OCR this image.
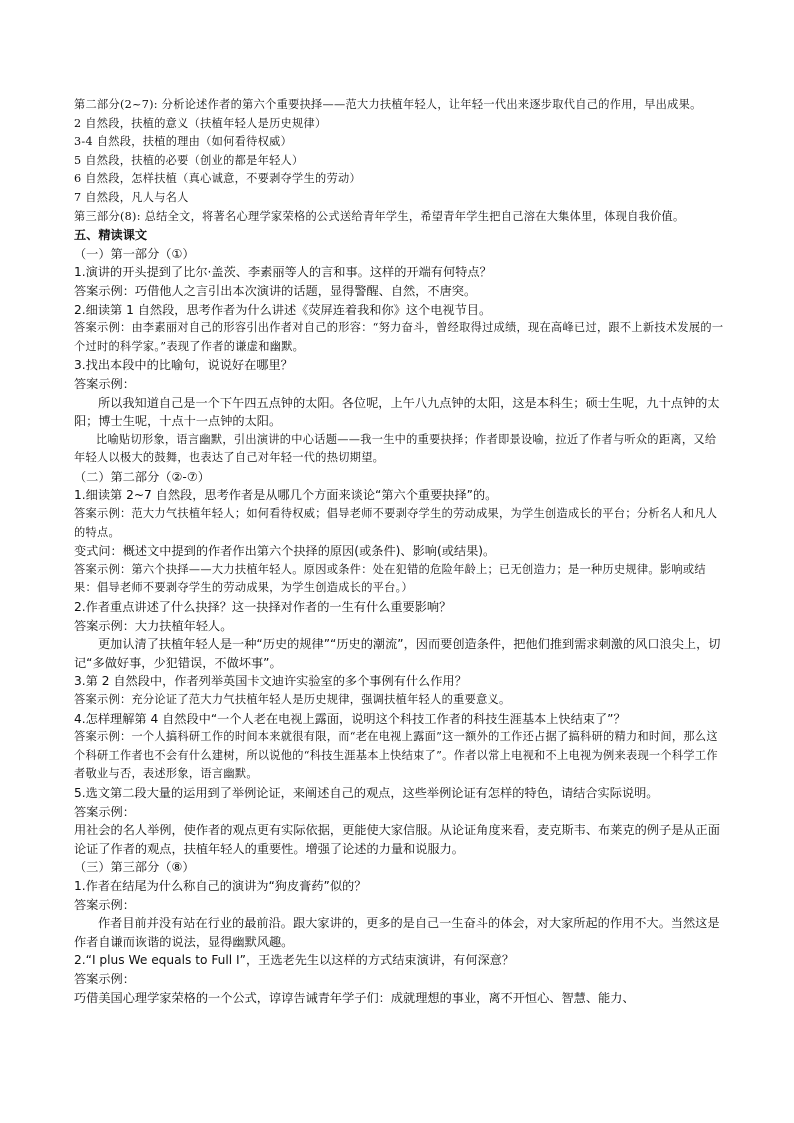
第二部分(2~7): 分析论述作者的第六个重要抉择——范大力扶植年轻人，让年轻一代出来逐步取代自己的作用，早出成果。
2 自然段，扶植的意义（扶植年轻人是历史规律）
3-4 自然段，扶植的理由（如何看待权威）
5 自然段，扶植的必要（创业的都是年轻人）
6 自然段，怎样扶植（真心诚意，不要剥夺学生的劳动）
7 自然段，凡人与名人
第三部分(8): 总结全文，将著名心理学家荣格的公式送给青年学生，希望青年学生把自己溶在大集体里，体现自我价值。
五、精读课文
（一）第一部分（①）
1.演讲的开头提到了比尔·盖茨、李素丽等人的言和事。这样的开端有何特点？
答案示例：巧借他人之言引出本次演讲的话题，显得警醒、自然，不唐突。
2.细读第 1 自然段，思考作者为什么讲述《荧屏连着我和你》这个电视节目。
答案示例：由李素丽对自己的形容引出作者对自己的形容：“努力奋斗，曾经取得过成绩，现在高峰已过，跟不上新技术发展的一个过时的科学家。”表现了作者的谦虚和幽默。
3.找出本段中的比喻句，说说好在哪里？
答案示例：
所以我知道自己是一个下午四五点钟的太阳。各位呢，上午八九点钟的太阳，这是本科生；硕士生呢，九十点钟的太阳；博士生呢，十点十一点钟的太阳。
比喻贴切形象，语言幽默，引出演讲的中心话题——我一生中的重要抉择；作者即景设喻，拉近了作者与听众的距离，又给年轻人以极大的鼓舞，也表达了自己对年轻一代的热切期望。
（二）第二部分（②-⑦）
1.细读第 2~7 自然段，思考作者是从哪几个方面来谈论“第六个重要抉择”的。
答案示例：范大力气扶植年轻人；如何看待权威；倡导老师不要剥夺学生的劳动成果，为学生创造成长的平台；分析名人和凡人的特点。
变式问：概述文中提到的作者作出第六个抉择的原因(或条件)、影响(或结果)。
答案示例：第六个抉择——大力扶植年轻人。原因或条件：处在犯错的危险年龄上；已无创造力；是一种历史规律。影响或结果：倡导老师不要剥夺学生的劳动成果，为学生创造成长的平台。）
2.作者重点讲述了什么抉择？这一抉择对作者的一生有什么重要影响？
答案示例：大力扶植年轻人。
更加认清了扶植年轻人是一种“历史的规律”“历史的潮流”，因而要创造条件，把他们推到需求刺激的风口浪尖上，切记“多做好事，少犯错误，不做坏事”。
3.第 2 自然段中，作者列举英国卡文迪许实验室的多个事例有什么作用？
答案示例：充分论证了范大力气扶植年轻人是历史规律，强调扶植年轻人的重要意义。
4.怎样理解第 4 自然段中“一个人老在电视上露面，说明这个科技工作者的科技生涯基本上快结束了”？
答案示例：一个人搞科研工作的时间本来就很有限，而“老在电视上露面”这一额外的工作还占据了搞科研的精力和时间，那么这个科研工作者也不会有什么建树，所以说他的“科技生涯基本上快结束了”。作者以常上电视和不上电视为例来表现一个科学工作者敬业与否，表述形象，语言幽默。
5.选文第二段大量的运用到了举例论证，来阐述自己的观点，这些举例论证有怎样的特色，请结合实际说明。
答案示例：
用社会的名人举例，使作者的观点更有实际依据，更能使大家信服。从论证角度来看，麦克斯韦、布莱克的例子是从正面论证了作者的观点，扶植年轻人的重要性。增强了论述的力量和说服力。
（三）第三部分（⑧）
1.作者在结尾为什么称自己的演讲为“狗皮膏药”似的？
答案示例：
作者目前并没有站在行业的最前沿。跟大家讲的，更多的是自己一生奋斗的体会，对大家所起的作用不大。当然这是作者自谦而诙谐的说法，显得幽默风趣。
2.“I plus We equals to Full I”，王选老先生以这样的方式结束演讲，有何深意？
答案示例：
巧借美国心理学家荣格的一个公式，谆谆告诫青年学子们：成就理想的事业，离不开恒心、智慧、能力、
